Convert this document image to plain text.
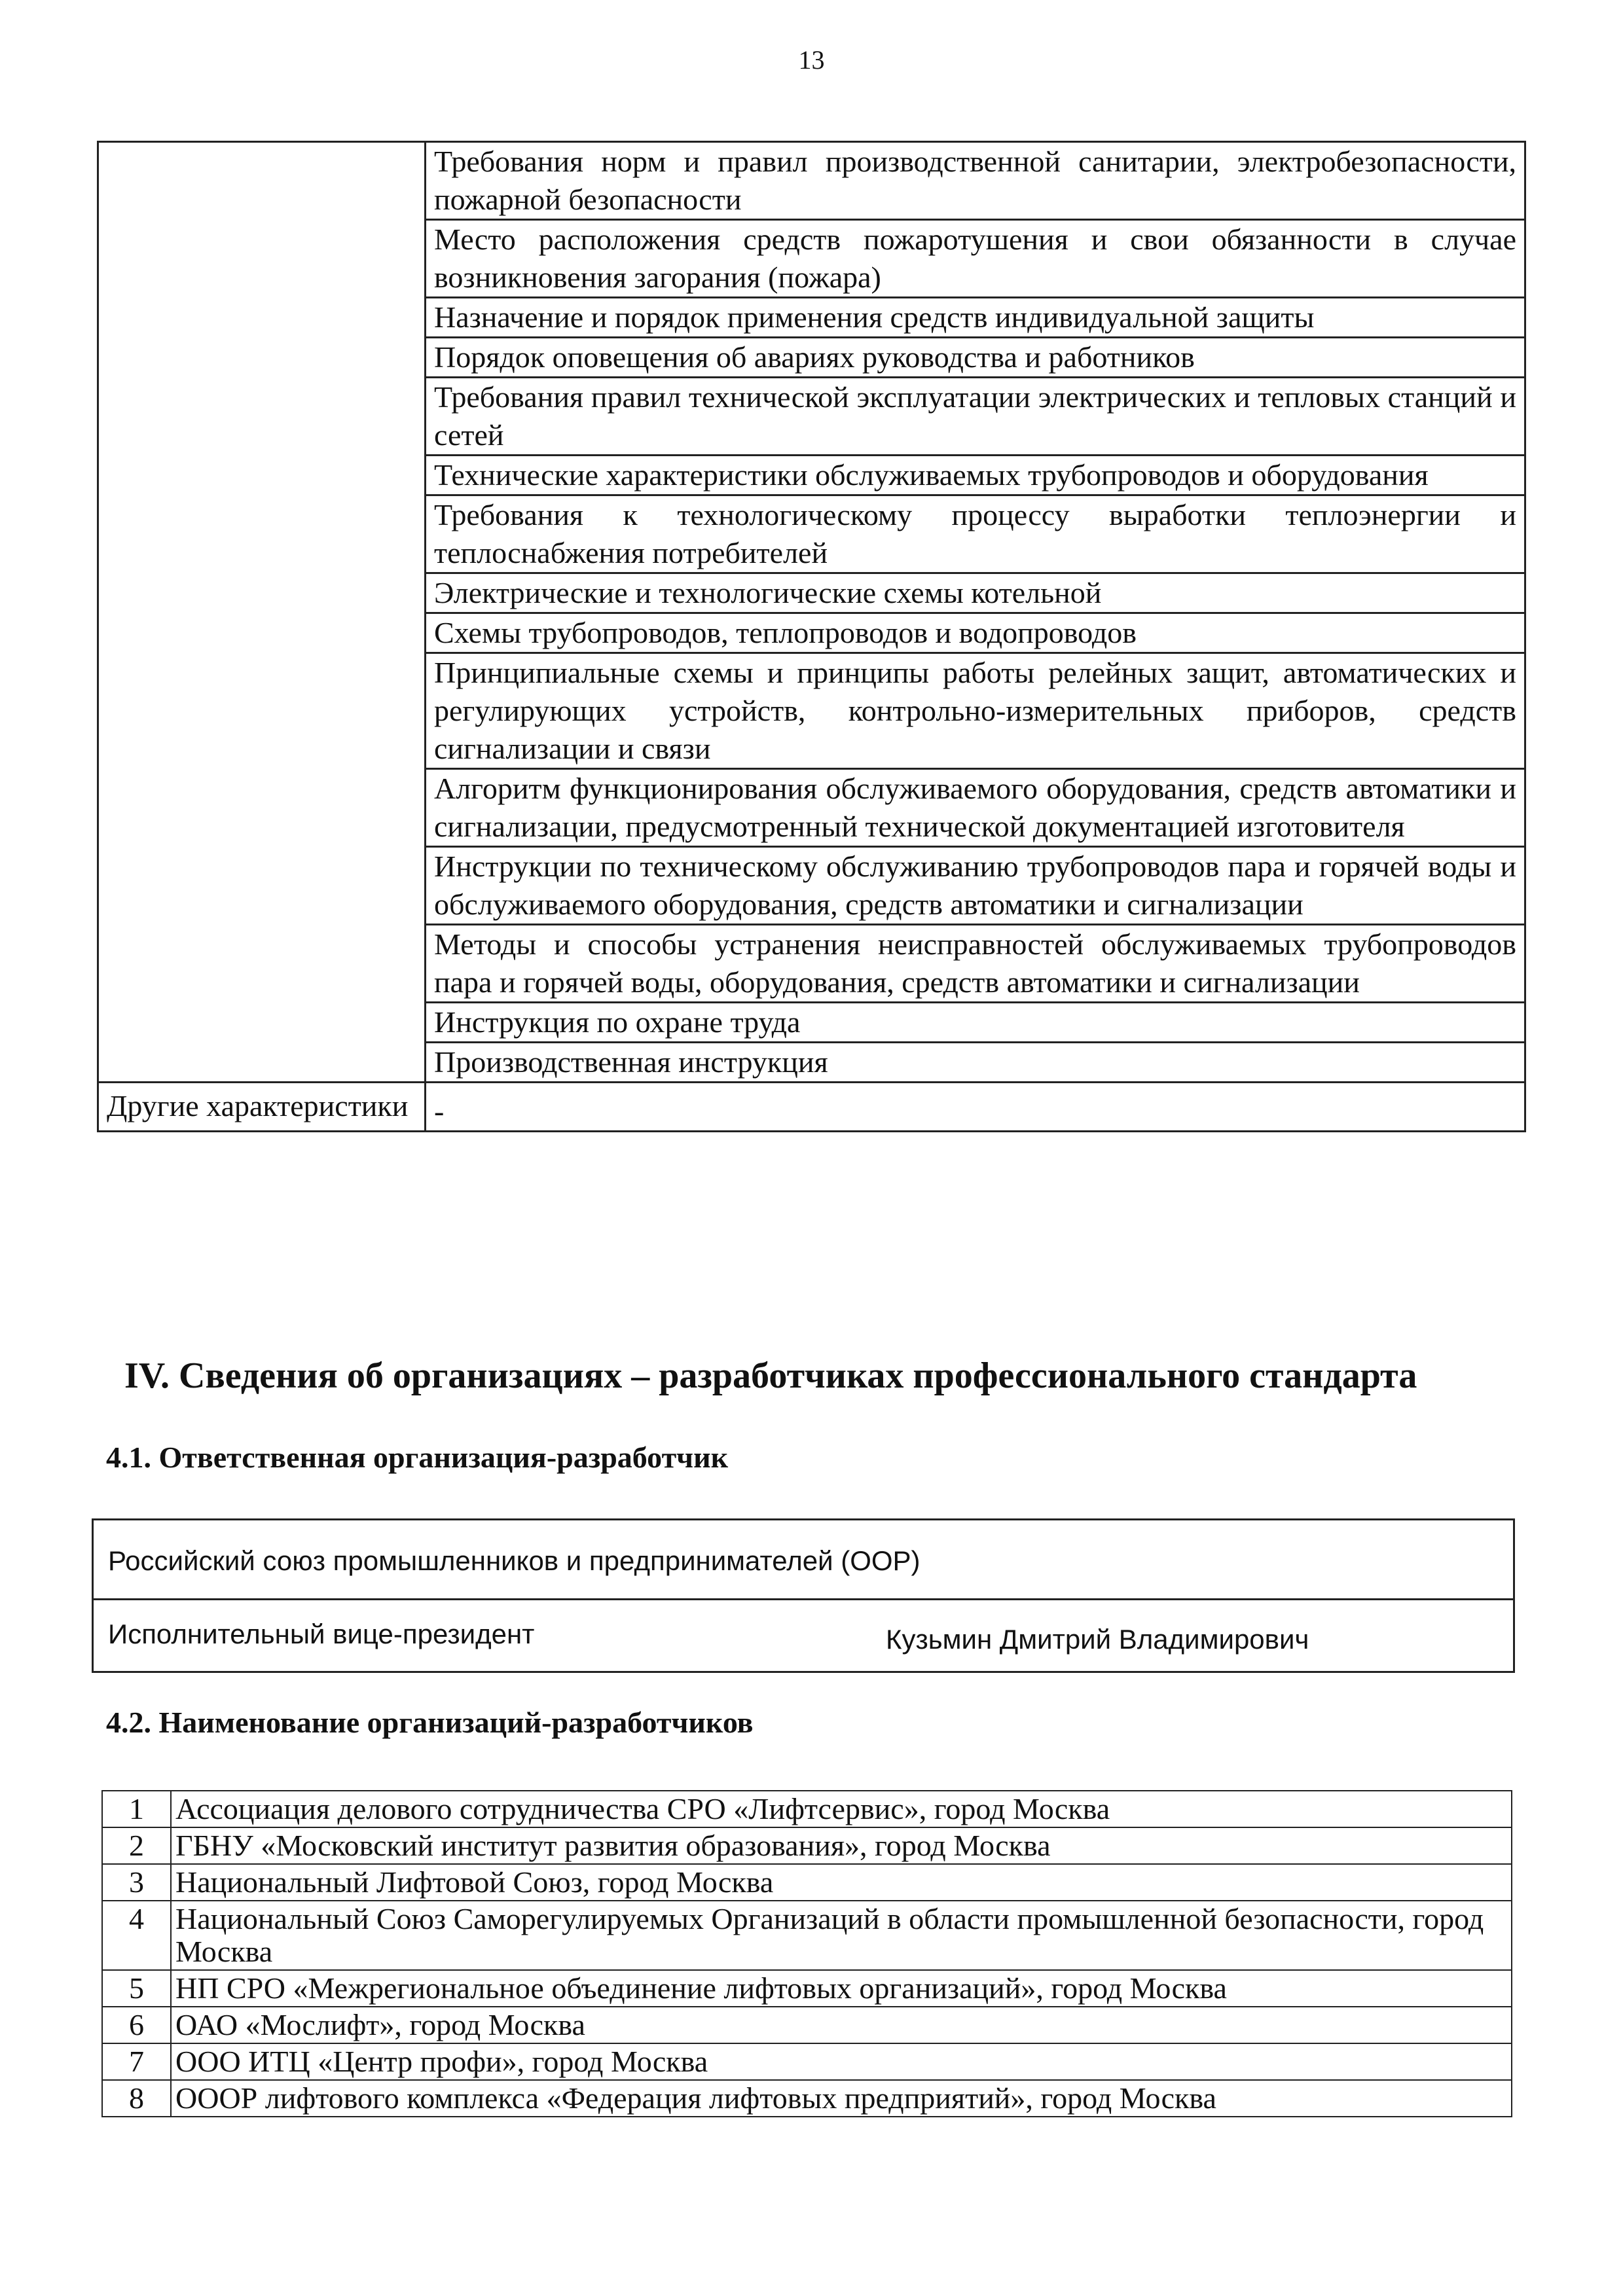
13
	Требования норм и правил производственной санитарии, электробезопасности, пожарной безопасности
	Место расположения средств пожаротушения и свои обязанности в случае возникновения загорания (пожара)
	Назначение и порядок применения средств индивидуальной защиты
	Порядок оповещения об авариях руководства и работников
	Требования правил технической эксплуатации электрических и тепловых станций и сетей
	Технические характеристики обслуживаемых трубопроводов и оборудования
	Требования к технологическому процессу выработки теплоэнергии и теплоснабжения потребителей
	Электрические и технологические схемы котельной
	Схемы трубопроводов, теплопроводов и водопроводов
	Принципиальные схемы и принципы работы релейных защит, автоматических и регулирующих устройств, контрольно-измерительных приборов, средств сигнализации и связи
	Алгоритм функционирования обслуживаемого оборудования, средств автоматики и сигнализации, предусмотренный технической документацией изготовителя
	Инструкции по техническому обслуживанию трубопроводов пара и горячей воды и обслуживаемого оборудования, средств автоматики и сигнализации
	Методы и способы устранения неисправностей обслуживаемых трубопроводов пара и горячей воды, оборудования, средств автоматики и сигнализации
	Инструкция по охране труда
	Производственная инструкция
Другие характеристики	-
IV. Сведения об организациях – разработчиках профессионального стандарта
4.1. Ответственная организация-разработчик
Российский союз промышленников и предпринимателей (ООР)
Исполнительный вице-президент	Кузьмин Дмитрий Владимирович
4.2. Наименование организаций-разработчиков
1	Ассоциация делового сотрудничества СРО «Лифтсервис», город Москва
2	ГБНУ «Московский институт развития образования», город Москва
3	Национальный Лифтовой Союз, город Москва
4	Национальный Союз Саморегулируемых Организаций в области промышленной безопасности, город Москва
5	НП СРО «Межрегиональное объединение лифтовых организаций», город Москва
6	ОАО «Мослифт», город Москва
7	ООО ИТЦ «Центр профи», город Москва
8	ОООР лифтового комплекса «Федерация лифтовых предприятий», город Москва
